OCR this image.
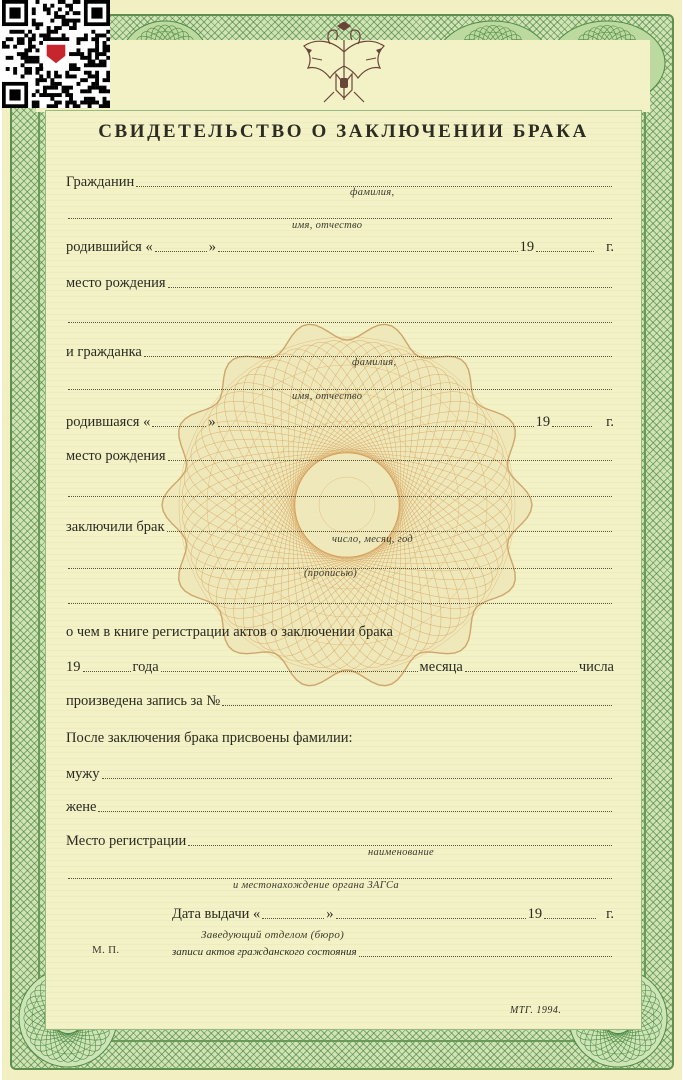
СВИДЕТЕЛЬСТВО О ЗАКЛЮЧЕНИИ БРАКА
Гражданин
фамилия,
имя, отчество
родившийся «	»	19	г.
место рождения
и гражданка
фамилия,
имя, отчество
родившаяся «	»	19	г.
место рождения
заключили брак
число, месяц, год
(прописью)
о чем в книге регистрации актов о заключении брака
19	года	месяца	числа
произведена запись за №
После заключения брака присвоены фамилии:
мужу
жене
Место регистрации
наименование
и местонахождение органа ЗАГСа
Дата выдачи «	»	19	г.
Заведующий отделом (бюро)
М. П.	записи актов гражданского состояния
МТГ. 1994.
